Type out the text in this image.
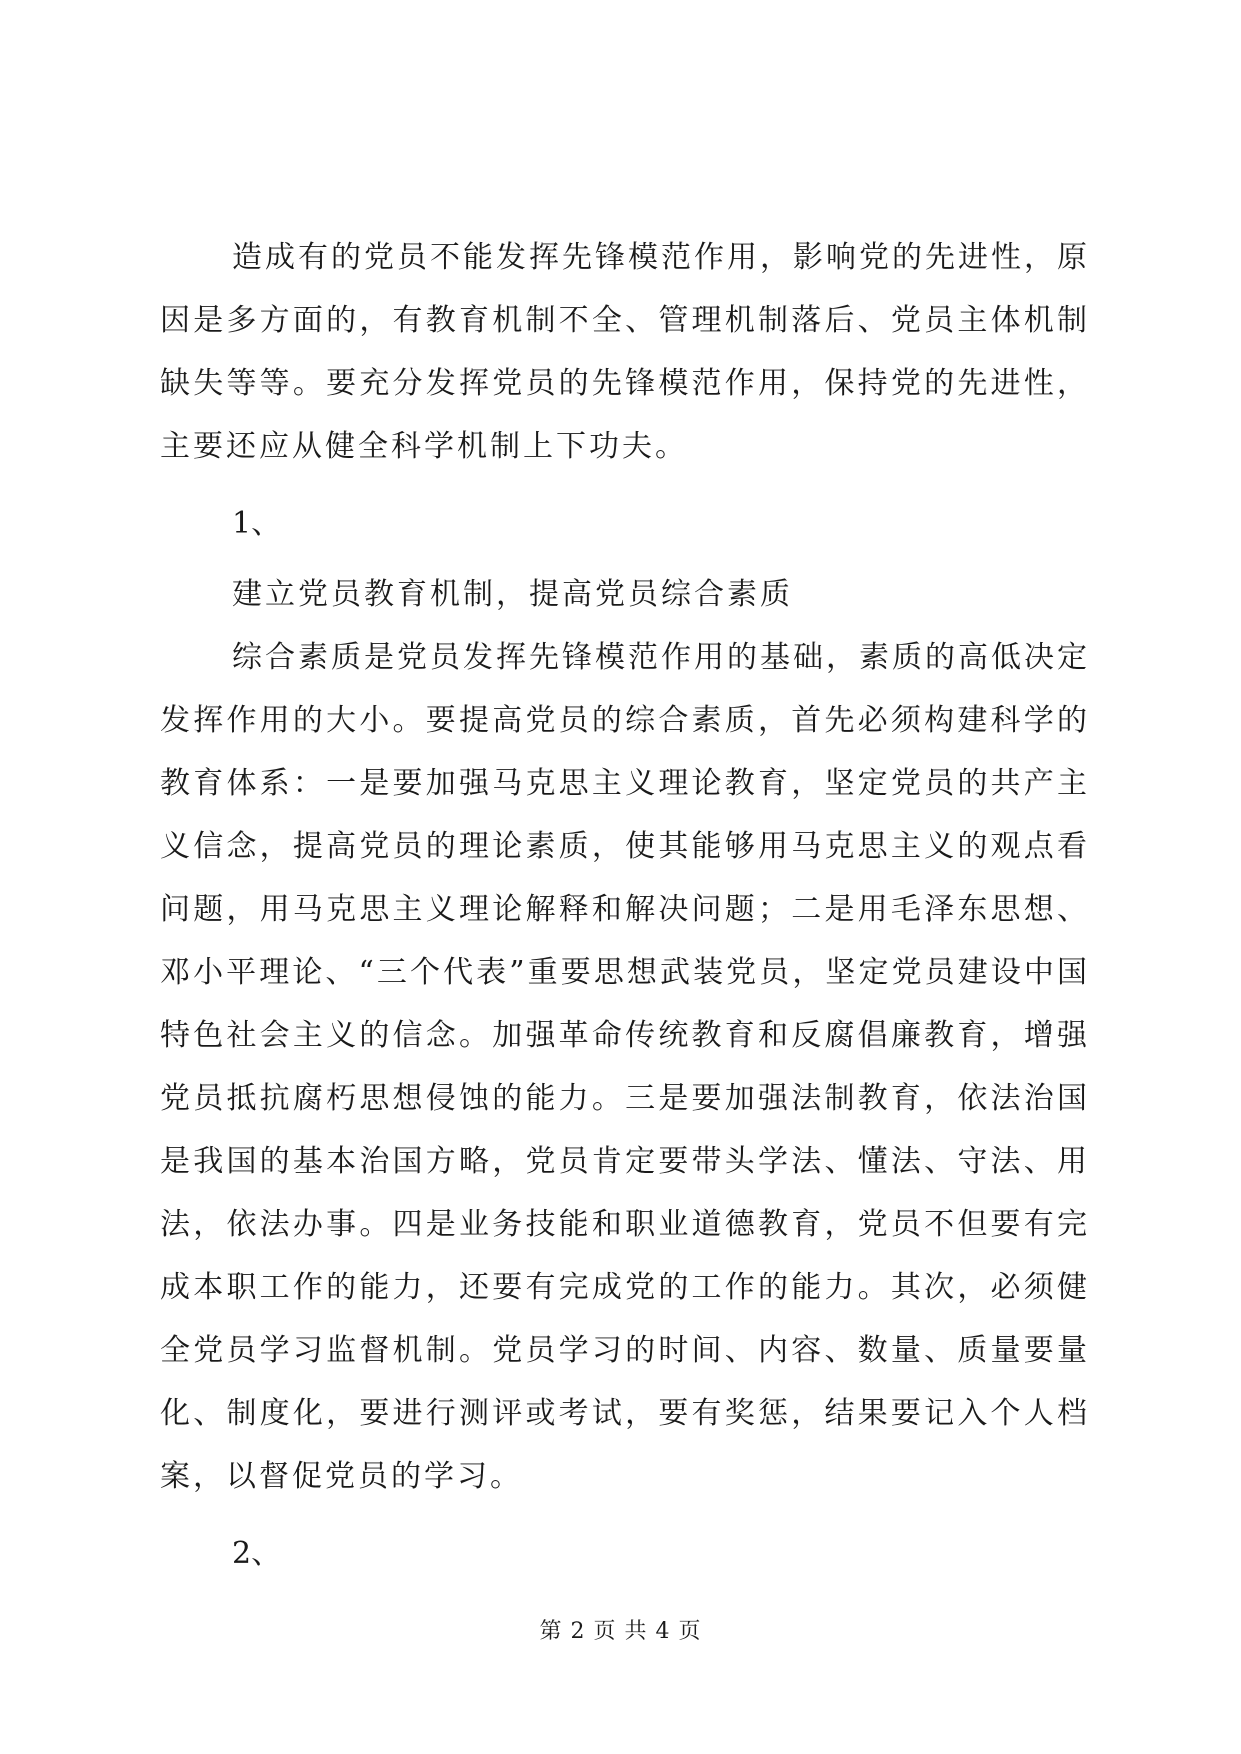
造成有的党员不能发挥先锋模范作用，影响党的先进性，原因是多方面的，有教育机制不全、管理机制落后、党员主体机制缺失等等。要充分发挥党员的先锋模范作用，保持党的先进性，主要还应从健全科学机制上下功夫。

1、

建立党员教育机制，提高党员综合素质

综合素质是党员发挥先锋模范作用的基础，素质的高低决定发挥作用的大小。要提高党员的综合素质，首先必须构建科学的教育体系：一是要加强马克思主义理论教育，坚定党员的共产主义信念，提高党员的理论素质，使其能够用马克思主义的观点看问题，用马克思主义理论解释和解决问题；二是用毛泽东思想、邓小平理论、“三个代表”重要思想武装党员，坚定党员建设中国特色社会主义的信念。加强革命传统教育和反腐倡廉教育，增强党员抵抗腐朽思想侵蚀的能力。三是要加强法制教育，依法治国是我国的基本治国方略，党员肯定要带头学法、懂法、守法、用法，依法办事。四是业务技能和职业道德教育，党员不但要有完成本职工作的能力，还要有完成党的工作的能力。其次，必须健全党员学习监督机制。党员学习的时间、内容、数量、质量要量化、制度化，要进行测评或考试，要有奖惩，结果要记入个人档案，以督促党员的学习。

2、

第 2 页 共 4 页
